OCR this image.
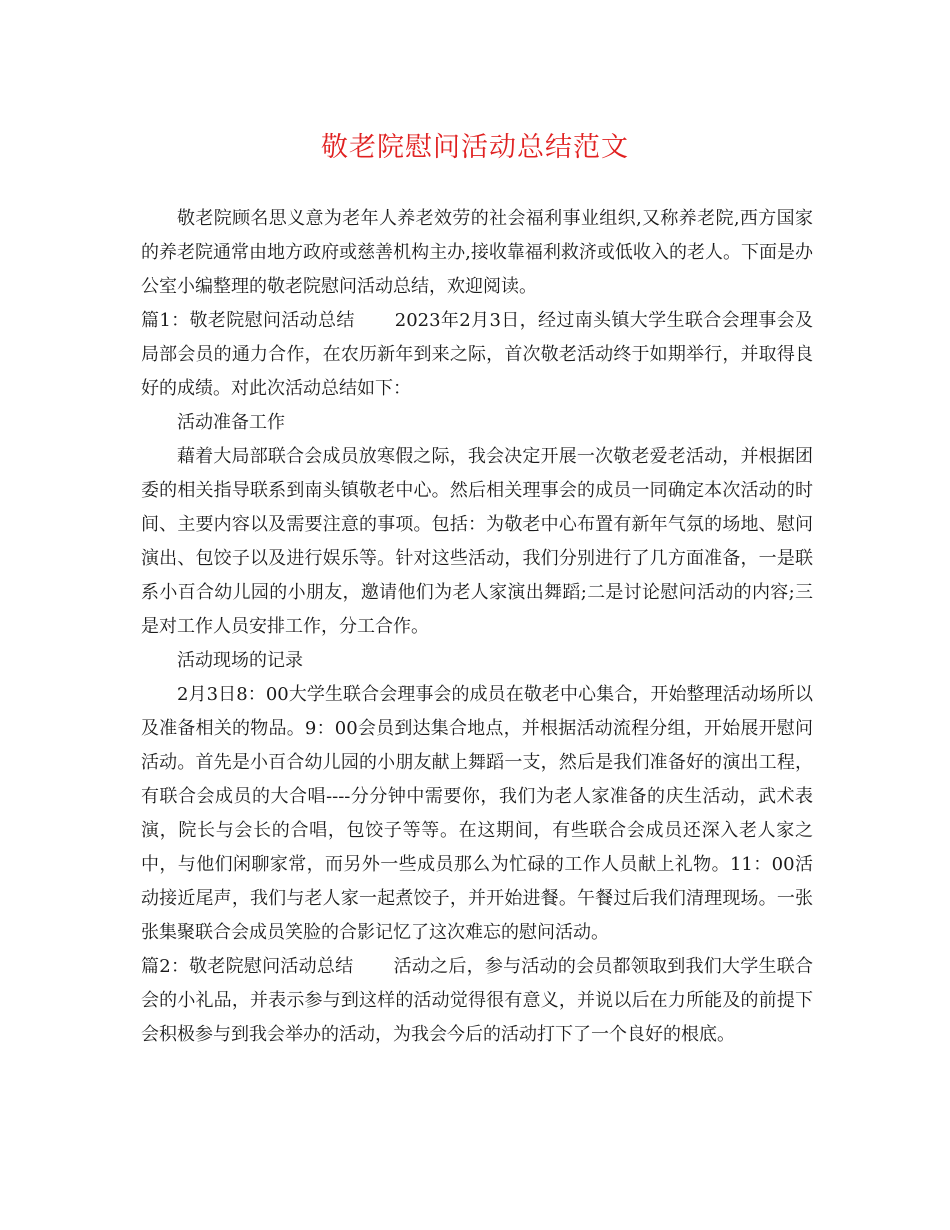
敬老院慰问活动总结范文

敬老院顾名思义意为老年人养老效劳的社会福利事业组织,又称养老院,西方国家的养老院通常由地方政府或慈善机构主办,接收靠福利救济或低收入的老人。下面是办公室小编整理的敬老院慰问活动总结，欢迎阅读。

篇1：敬老院慰问活动总结 2023年2月3日，经过南头镇大学生联合会理事会及局部会员的通力合作，在农历新年到来之际，首次敬老活动终于如期举行，并取得良好的成绩。对此次活动总结如下：

活动准备工作

藉着大局部联合会成员放寒假之际，我会决定开展一次敬老爱老活动，并根据团委的相关指导联系到南头镇敬老中心。然后相关理事会的成员一同确定本次活动的时间、主要内容以及需要注意的事项。包括：为敬老中心布置有新年气氛的场地、慰问演出、包饺子以及进行娱乐等。针对这些活动，我们分别进行了几方面准备，一是联系小百合幼儿园的小朋友，邀请他们为老人家演出舞蹈;二是讨论慰问活动的内容;三是对工作人员安排工作，分工合作。

活动现场的记录

2月3日8：00大学生联合会理事会的成员在敬老中心集合，开始整理活动场所以及准备相关的物品。9：00会员到达集合地点，并根据活动流程分组，开始展开慰问活动。首先是小百合幼儿园的小朋友献上舞蹈一支，然后是我们准备好的演出工程，有联合会成员的大合唱----分分钟中需要你，我们为老人家准备的庆生活动，武术表演，院长与会长的合唱，包饺子等等。在这期间，有些联合会成员还深入老人家之中，与他们闲聊家常，而另外一些成员那么为忙碌的工作人员献上礼物。11：00活动接近尾声，我们与老人家一起煮饺子，并开始进餐。午餐过后我们清理现场。一张张集聚联合会成员笑脸的合影记忆了这次难忘的慰问活动。

篇2：敬老院慰问活动总结 活动之后，参与活动的会员都领取到我们大学生联合会的小礼品，并表示参与到这样的活动觉得很有意义，并说以后在力所能及的前提下会积极参与到我会举办的活动，为我会今后的活动打下了一个良好的根底。
